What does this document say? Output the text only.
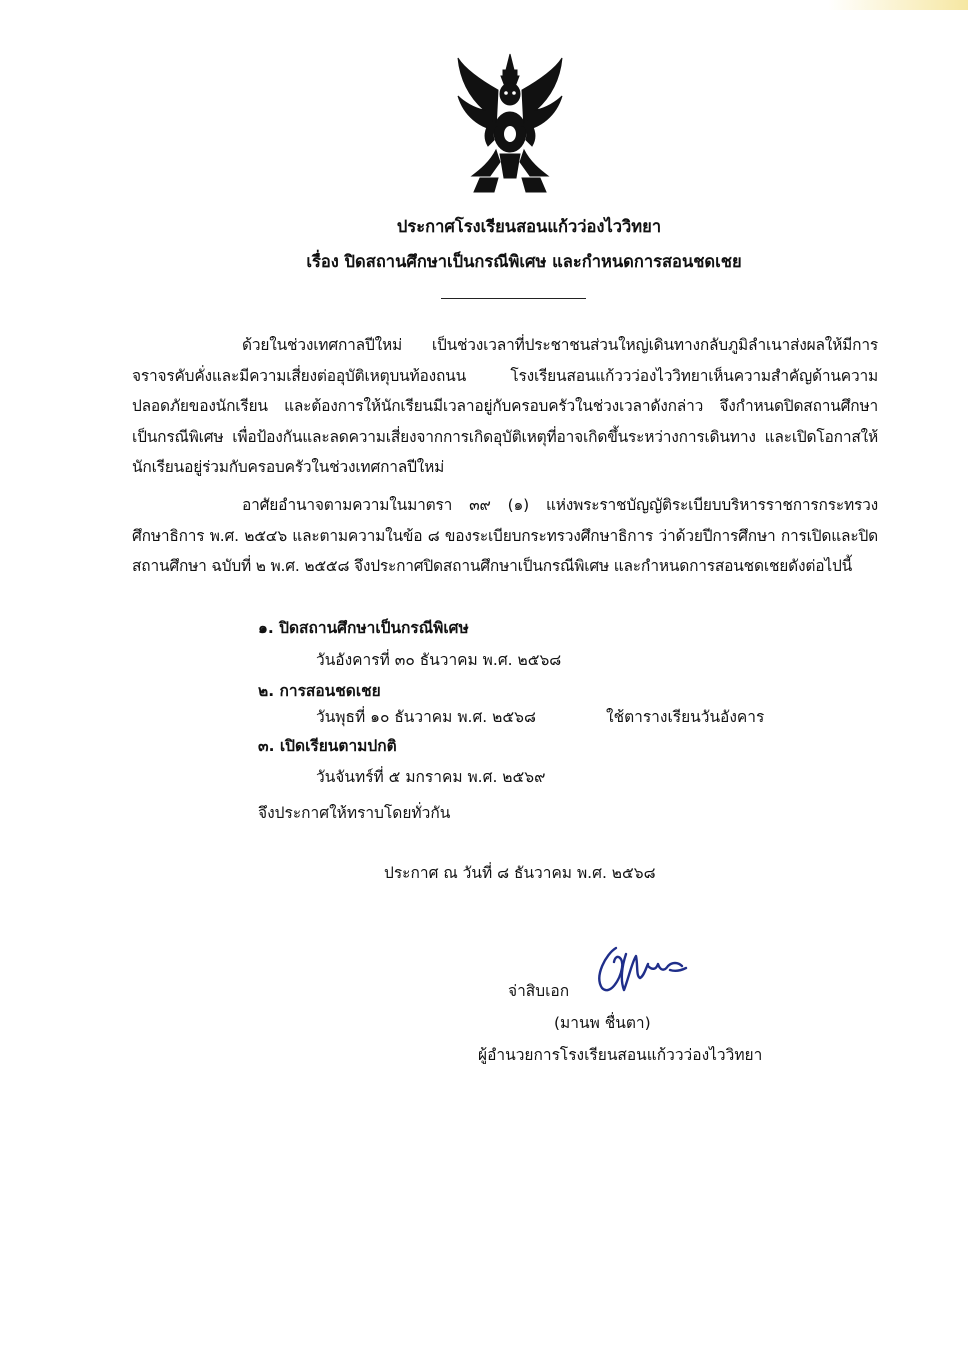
ประกาศโรงเรียนสอนแก้วว่องไววิทยา
เรื่อง ปิดสถานศึกษาเป็นกรณีพิเศษ และกำหนดการสอนชดเชย

ด้วยในช่วงเทศกาลปีใหม่ เป็นช่วงเวลาที่ประชาชนส่วนใหญ่เดินทางกลับภูมิลำเนาส่งผลให้มีการจราจรคับคั่งและมีความเสี่ยงต่ออุบัติเหตุบนท้องถนน โรงเรียนสอนแก้ววว่องไววิทยาเห็นความสำคัญด้านความปลอดภัยของนักเรียน และต้องการให้นักเรียนมีเวลาอยู่กับครอบครัวในช่วงเวลาดังกล่าว จึงกำหนดปิดสถานศึกษาเป็นกรณีพิเศษ เพื่อป้องกันและลดความเสี่ยงจากการเกิดอุบัติเหตุที่อาจเกิดขึ้นระหว่างการเดินทาง และเปิดโอกาสให้นักเรียนอยู่ร่วมกับครอบครัวในช่วงเทศกาลปีใหม่

อาศัยอำนาจตามความในมาตรา ๓๙ (๑) แห่งพระราชบัญญัติระเบียบบริหารราชการกระทรวงศึกษาธิการ พ.ศ. ๒๕๔๖ และตามความในข้อ ๘ ของระเบียบกระทรวงศึกษาธิการ ว่าด้วยปีการศึกษา การเปิดและปิดสถานศึกษา ฉบับที่ ๒ พ.ศ. ๒๕๕๘ จึงประกาศปิดสถานศึกษาเป็นกรณีพิเศษ และกำหนดการสอนชดเชยดังต่อไปนี้

๑. ปิดสถานศึกษาเป็นกรณีพิเศษ
วันอังคารที่ ๓๐ ธันวาคม พ.ศ. ๒๕๖๘
๒. การสอนชดเชย
วันพุธที่ ๑๐ ธันวาคม พ.ศ. ๒๕๖๘	ใช้ตารางเรียนวันอังคาร
๓. เปิดเรียนตามปกติ
วันจันทร์ที่ ๕ มกราคม พ.ศ. ๒๕๖๙
จึงประกาศให้ทราบโดยทั่วกัน
ประกาศ ณ วันที่ ๘ ธันวาคม พ.ศ. ๒๕๖๘
จ่าสิบเอก
(มานพ ชื่นตา)
ผู้อำนวยการโรงเรียนสอนแก้ววว่องไววิทยา
